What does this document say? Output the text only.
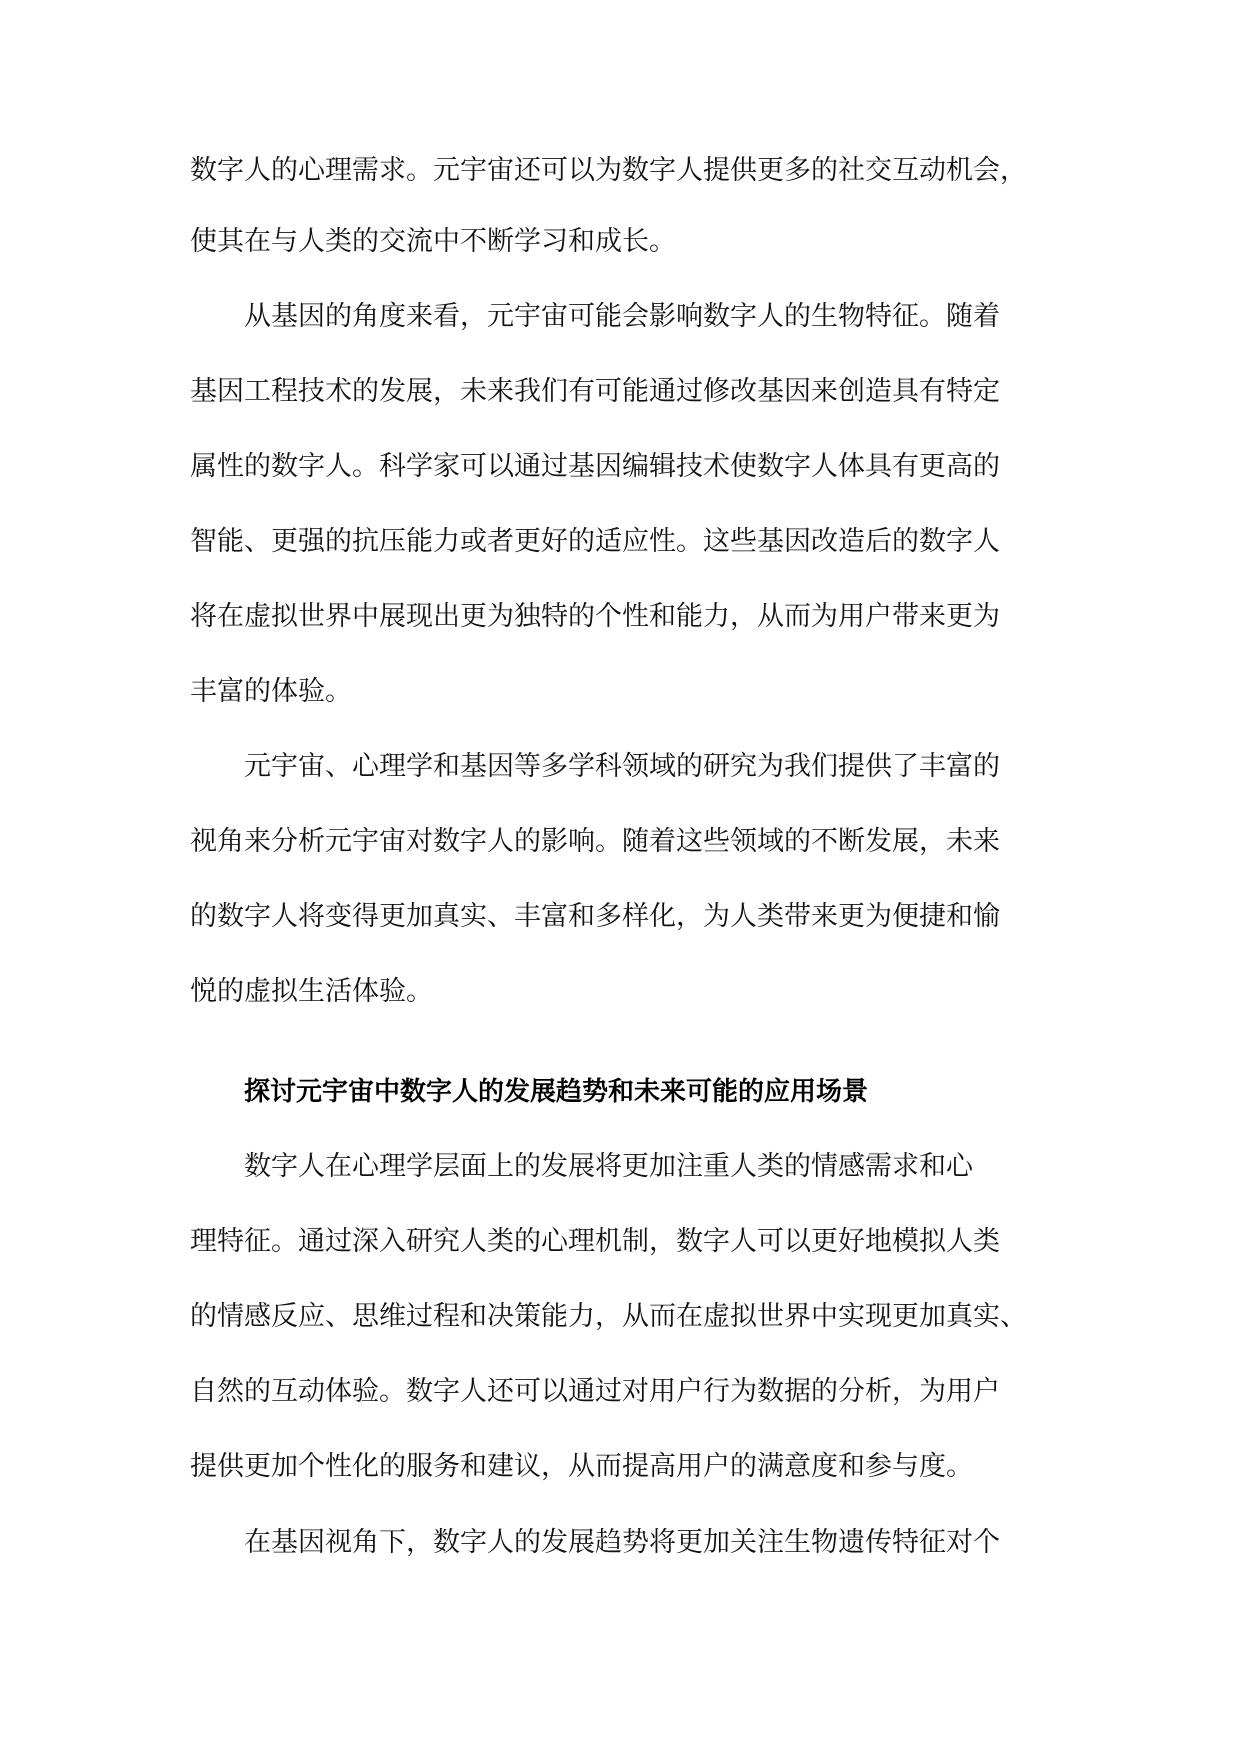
数字人的心理需求。元宇宙还可以为数字人提供更多的社交互动机会，
使其在与人类的交流中不断学习和成长。
从基因的角度来看，元宇宙可能会影响数字人的生物特征。随着
基因工程技术的发展，未来我们有可能通过修改基因来创造具有特定
属性的数字人。科学家可以通过基因编辑技术使数字人体具有更高的
智能、更强的抗压能力或者更好的适应性。这些基因改造后的数字人
将在虚拟世界中展现出更为独特的个性和能力，从而为用户带来更为
丰富的体验。
元宇宙、心理学和基因等多学科领域的研究为我们提供了丰富的
视角来分析元宇宙对数字人的影响。随着这些领域的不断发展，未来
的数字人将变得更加真实、丰富和多样化，为人类带来更为便捷和愉
悦的虚拟生活体验。
探讨元宇宙中数字人的发展趋势和未来可能的应用场景
数字人在心理学层面上的发展将更加注重人类的情感需求和心
理特征。通过深入研究人类的心理机制，数字人可以更好地模拟人类
的情感反应、思维过程和决策能力，从而在虚拟世界中实现更加真实、
自然的互动体验。数字人还可以通过对用户行为数据的分析，为用户
提供更加个性化的服务和建议，从而提高用户的满意度和参与度。
在基因视角下，数字人的发展趋势将更加关注生物遗传特征对个
